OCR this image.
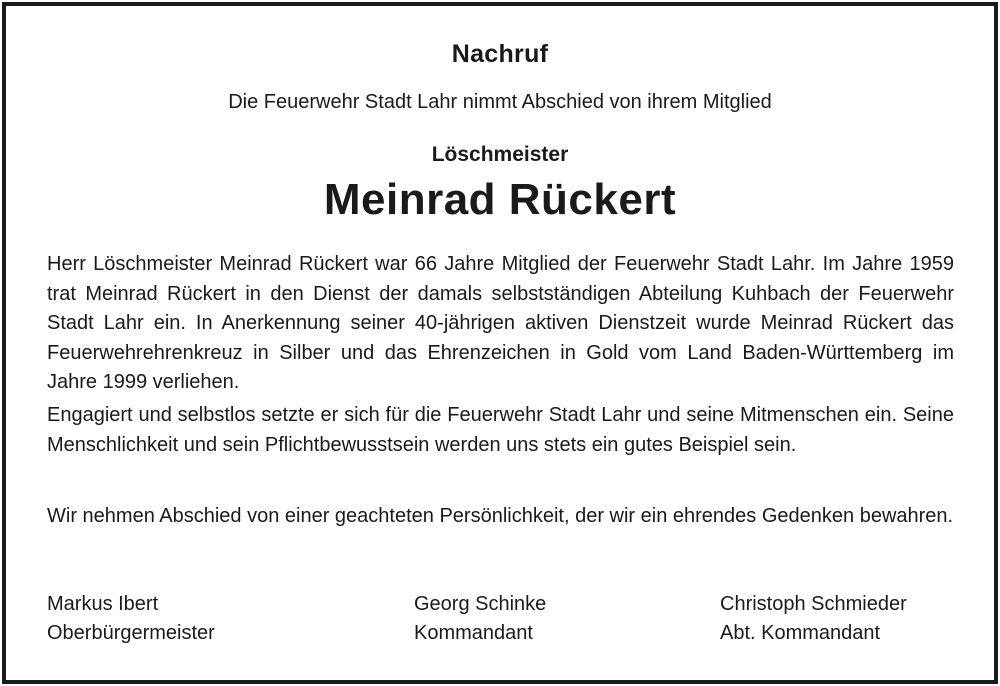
Nachruf
Die Feuerwehr Stadt Lahr nimmt Abschied von ihrem Mitglied
Löschmeister
Meinrad Rückert
Herr Löschmeister Meinrad Rückert war 66 Jahre Mitglied der Feuerwehr Stadt Lahr. Im Jahre 1959 trat Meinrad Rückert in den Dienst der damals selbstständigen Abteilung Kuhbach der Feuerwehr Stadt Lahr ein. In Anerkennung seiner 40-jährigen aktiven Dienstzeit wurde Meinrad Rückert das Feuerwehrehrenkreuz in Silber und das Ehrenzeichen in Gold vom Land Baden-Württemberg im Jahre 1999 verliehen.
Engagiert und selbstlos setzte er sich für die Feuerwehr Stadt Lahr und seine Mitmenschen ein. Seine Menschlichkeit und sein Pflichtbewusstsein werden uns stets ein gutes Beispiel sein.
Wir nehmen Abschied von einer geachteten Persönlichkeit, der wir ein ehrendes Gedenken bewahren.
Markus Ibert
Oberbürgermeister
Georg Schinke
Kommandant
Christoph Schmieder
Abt. Kommandant
